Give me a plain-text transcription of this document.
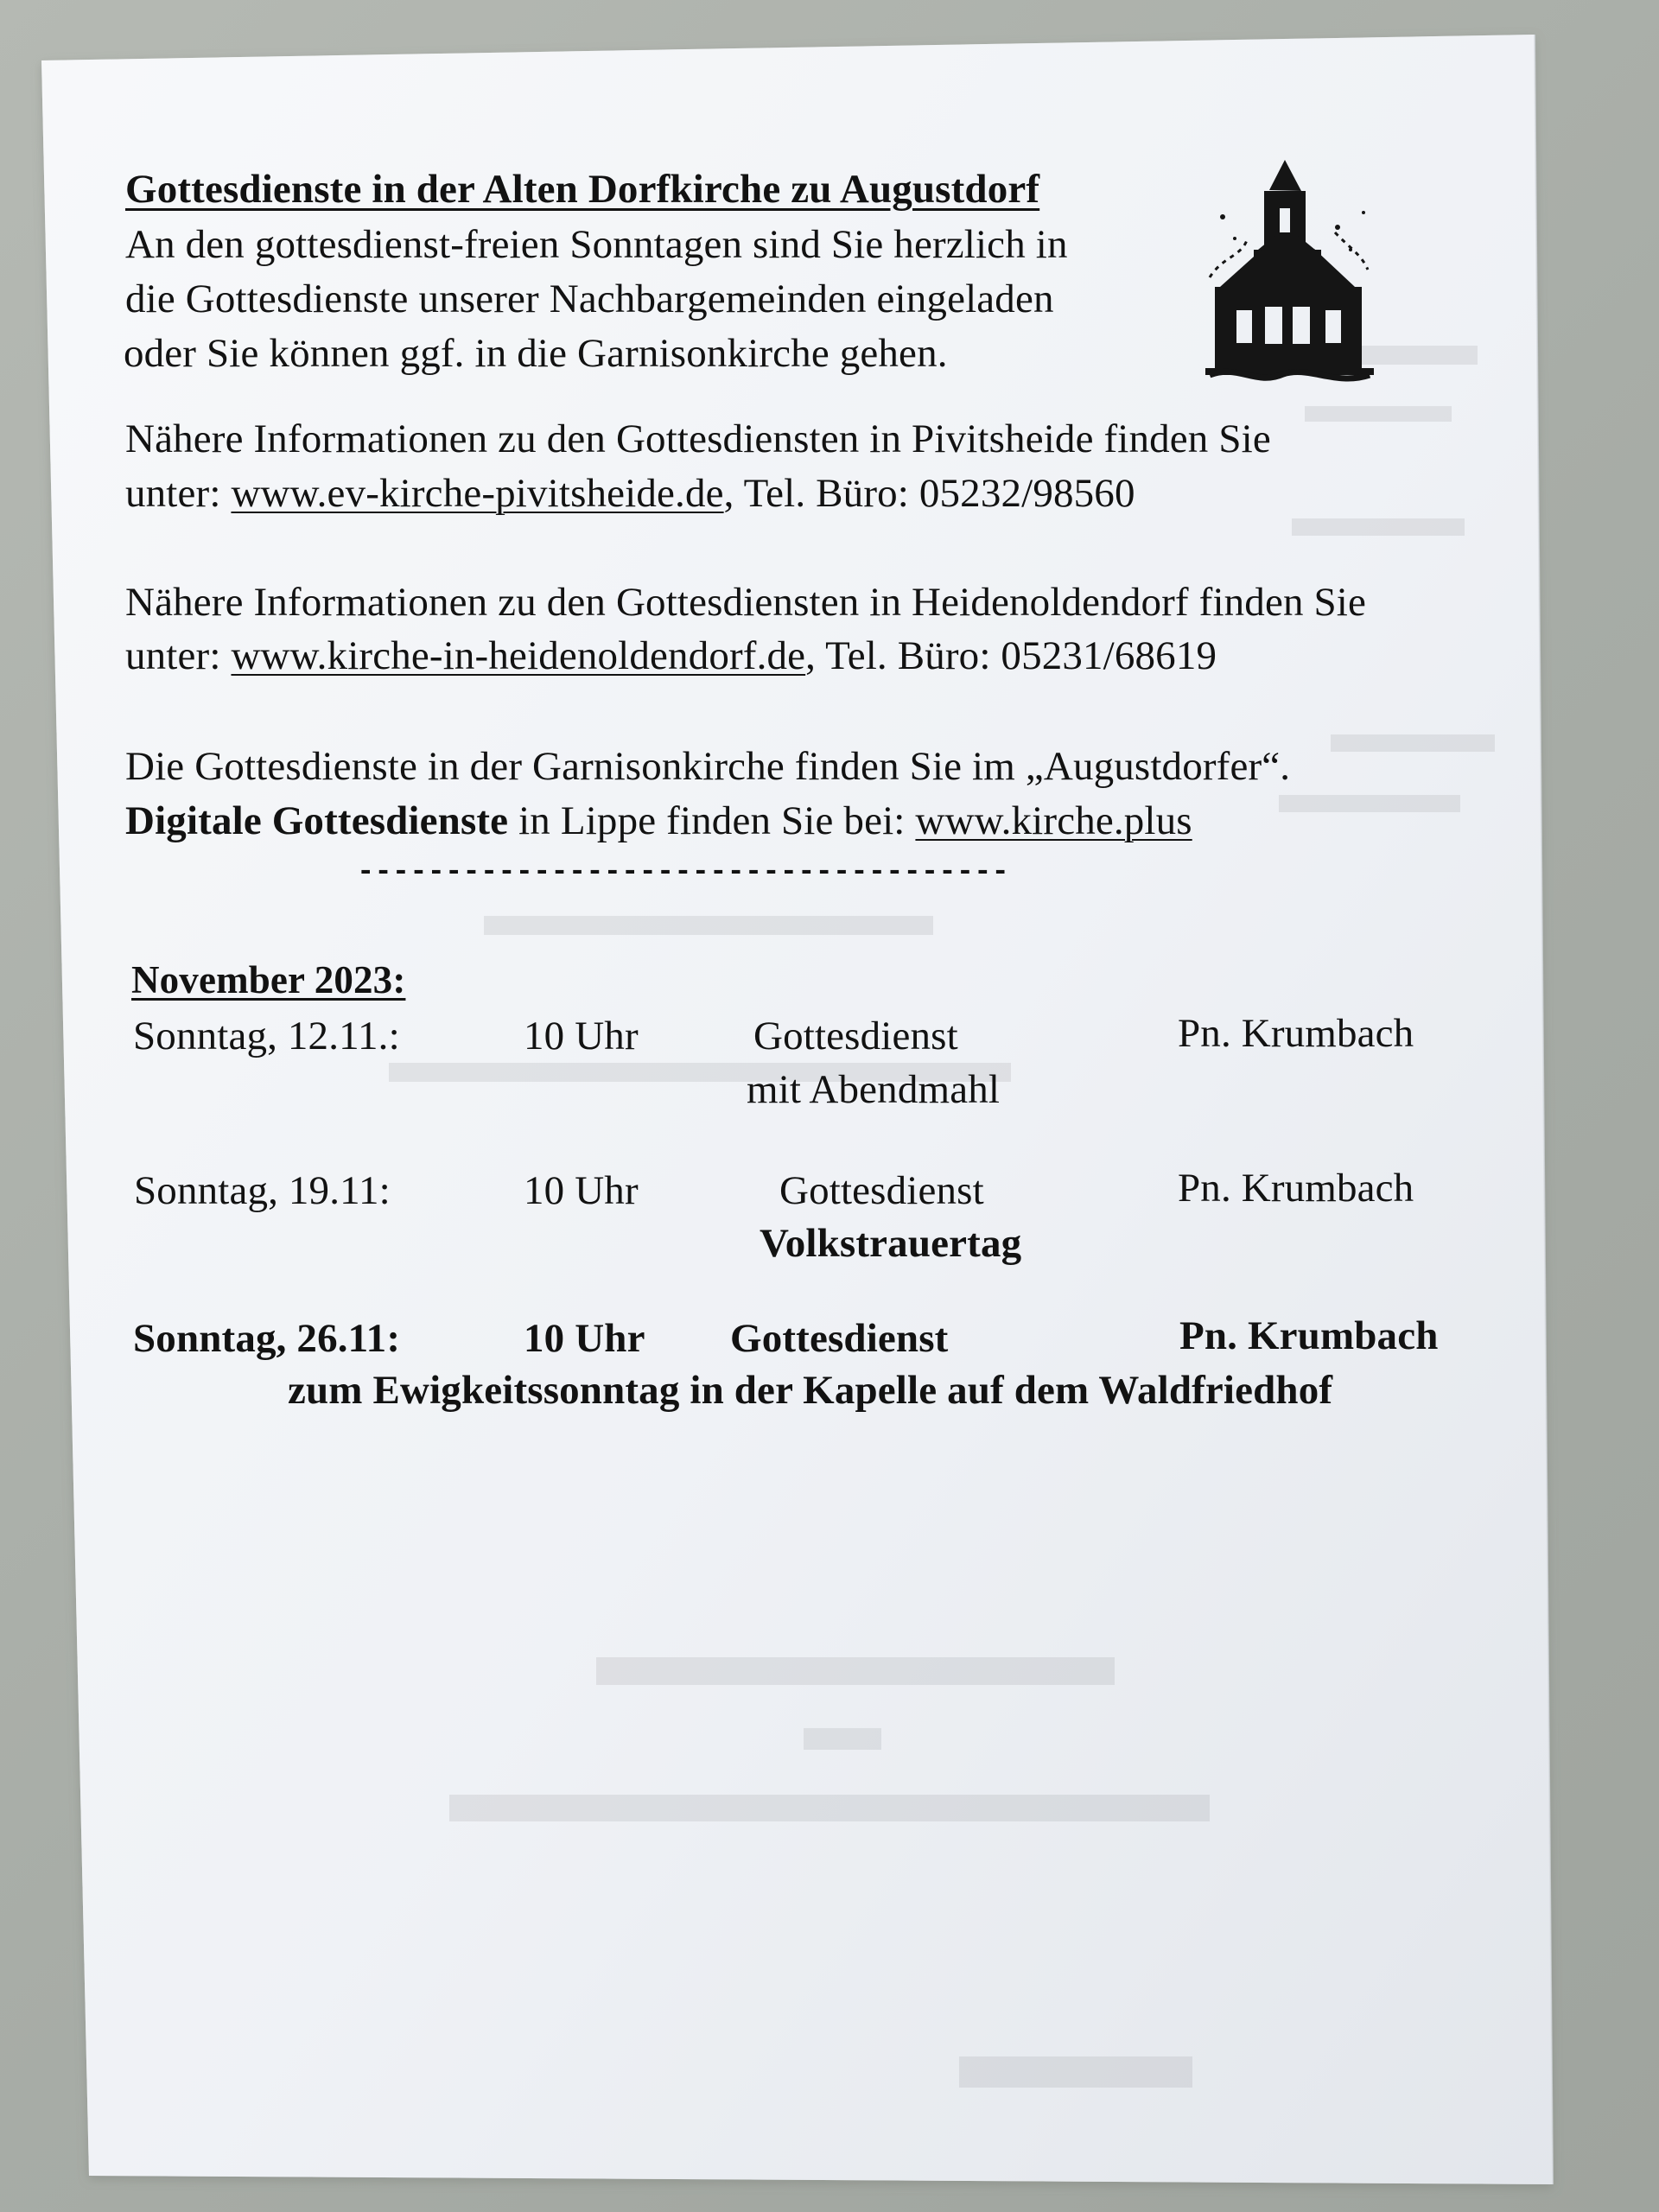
Gottesdienste in der Alten Dorfkirche zu Augustdorf
An den gottesdienst-freien Sonntagen sind Sie herzlich in
die Gottesdienste unserer Nachbargemeinden eingeladen
oder Sie können ggf. in die Garnisonkirche gehen.
Nähere Informationen zu den Gottesdiensten in Pivitsheide finden Sie
unter: www.ev-kirche-pivitsheide.de, Tel. Büro: 05232/98560
Nähere Informationen zu den Gottesdiensten in Heidenoldendorf finden Sie
unter: www.kirche-in-heidenoldendorf.de, Tel. Büro: 05231/68619
Die Gottesdienste in der Garnisonkirche finden Sie im „Augustdorfer“.
Digitale Gottesdienste in Lippe finden Sie bei: www.kirche.plus
-------------------------------------
November 2023:
Sonntag, 12.11.:	10 Uhr	Gottesdienst	Pn. Krumbach
mit Abendmahl
Sonntag, 19.11:	10 Uhr	Gottesdienst	Pn. Krumbach
Volkstrauertag
Sonntag, 26.11:	10 Uhr Gottesdienst	Pn. Krumbach
zum Ewigkeitssonntag in der Kapelle auf dem Waldfriedhof
